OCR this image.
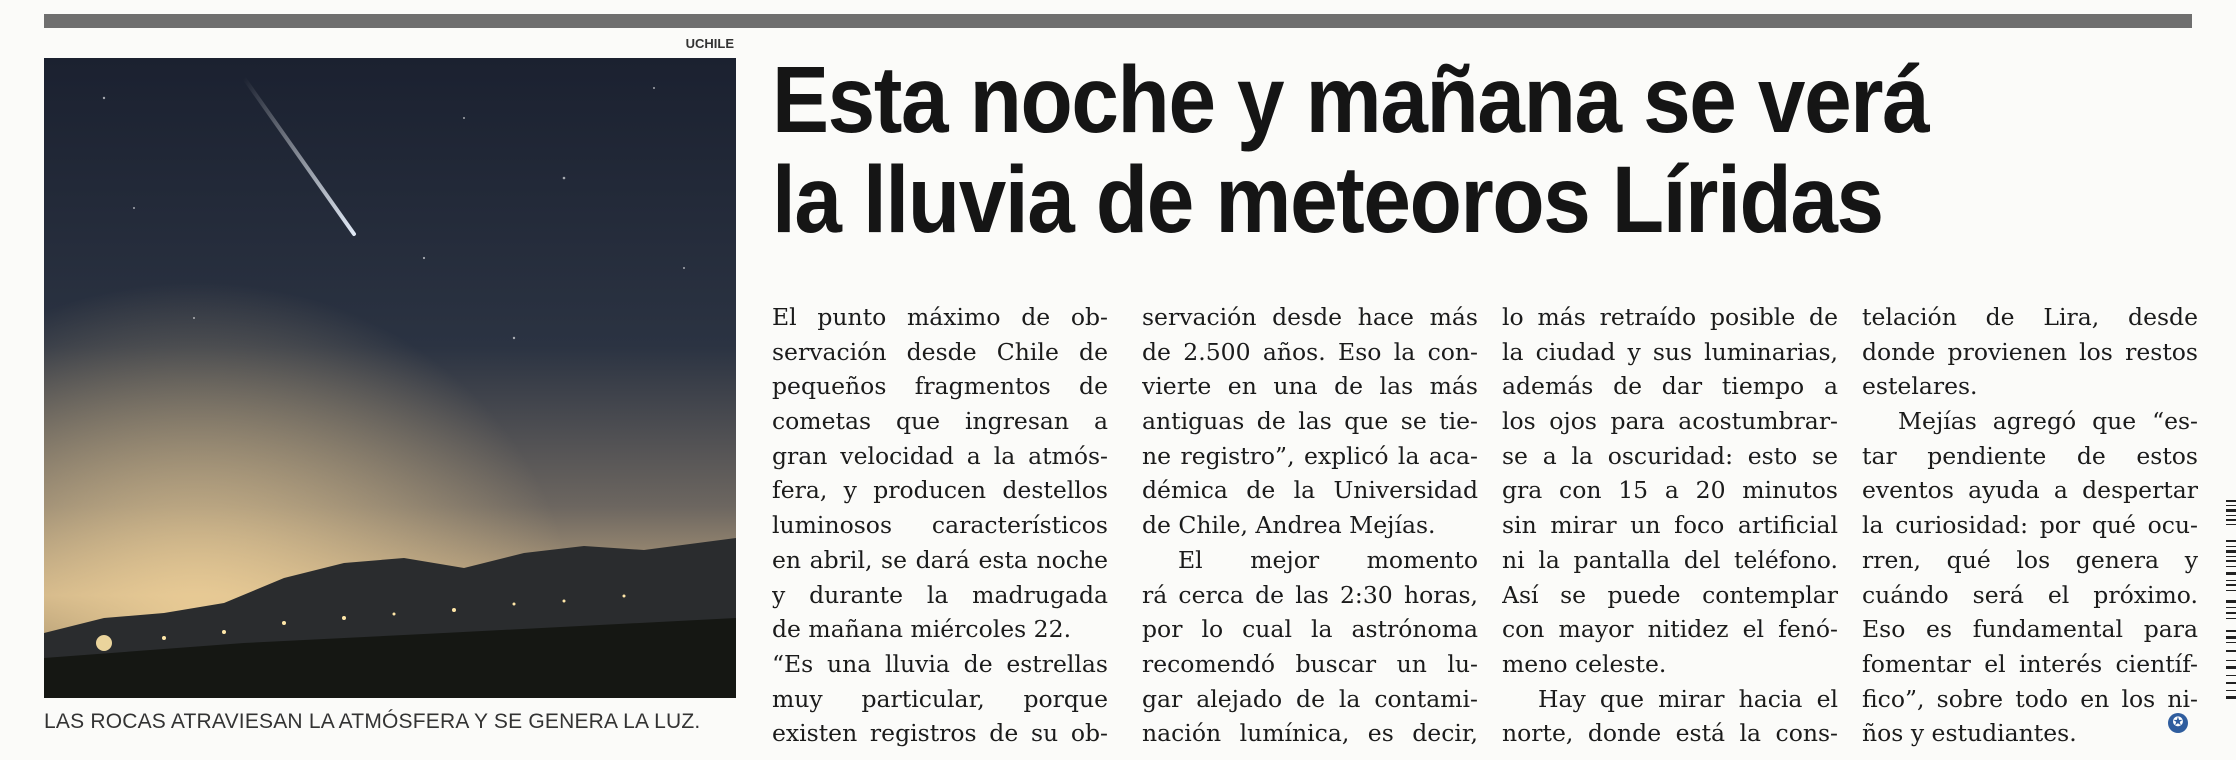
UCHILE
LAS ROCAS ATRAVIESAN LA ATMÓSFERA Y SE GENERA LA LUZ.
Esta noche y mañana se verá
la lluvia de meteoros Líridas
El punto máximo de ob-
servación desde Chile de
pequeños fragmentos de
cometas que ingresan a
gran velocidad a la atmós-
fera, y producen destellos
luminosos característicos
en abril, se dará esta noche
y durante la madrugada
de mañana miércoles 22.
“Es una lluvia de estrellas
muy particular, porque
existen registros de su ob-
servación desde hace más
de 2.500 años. Eso la con-
vierte en una de las más
antiguas de las que se tie-
ne registro”, explicó la aca-
démica de la Universidad
de Chile, Andrea Mejías.
El mejor momento
rá cerca de las 2:30 horas,
por lo cual la astrónoma
recomendó buscar un lu-
gar alejado de la contami-
nación lumínica, es decir,
lo más retraído posible de
la ciudad y sus luminarias,
además de dar tiempo a
los ojos para acostumbrar-
se a la oscuridad: esto se
gra con 15 a 20 minutos
sin mirar un foco artificial
ni la pantalla del teléfono.
Así se puede contemplar
con mayor nitidez el fenó-
meno celeste.
Hay que mirar hacia el
norte, donde está la cons-
telación de Lira, desde
donde provienen los restos
estelares.
Mejías agregó que “es-
tar pendiente de estos
eventos ayuda a despertar
la curiosidad: por qué ocu-
rren, qué los genera y
cuándo será el próximo.
Eso es fundamental para
fomentar el interés científ-
fico”, sobre todo en los ni-
ños y estudiantes.	✪
